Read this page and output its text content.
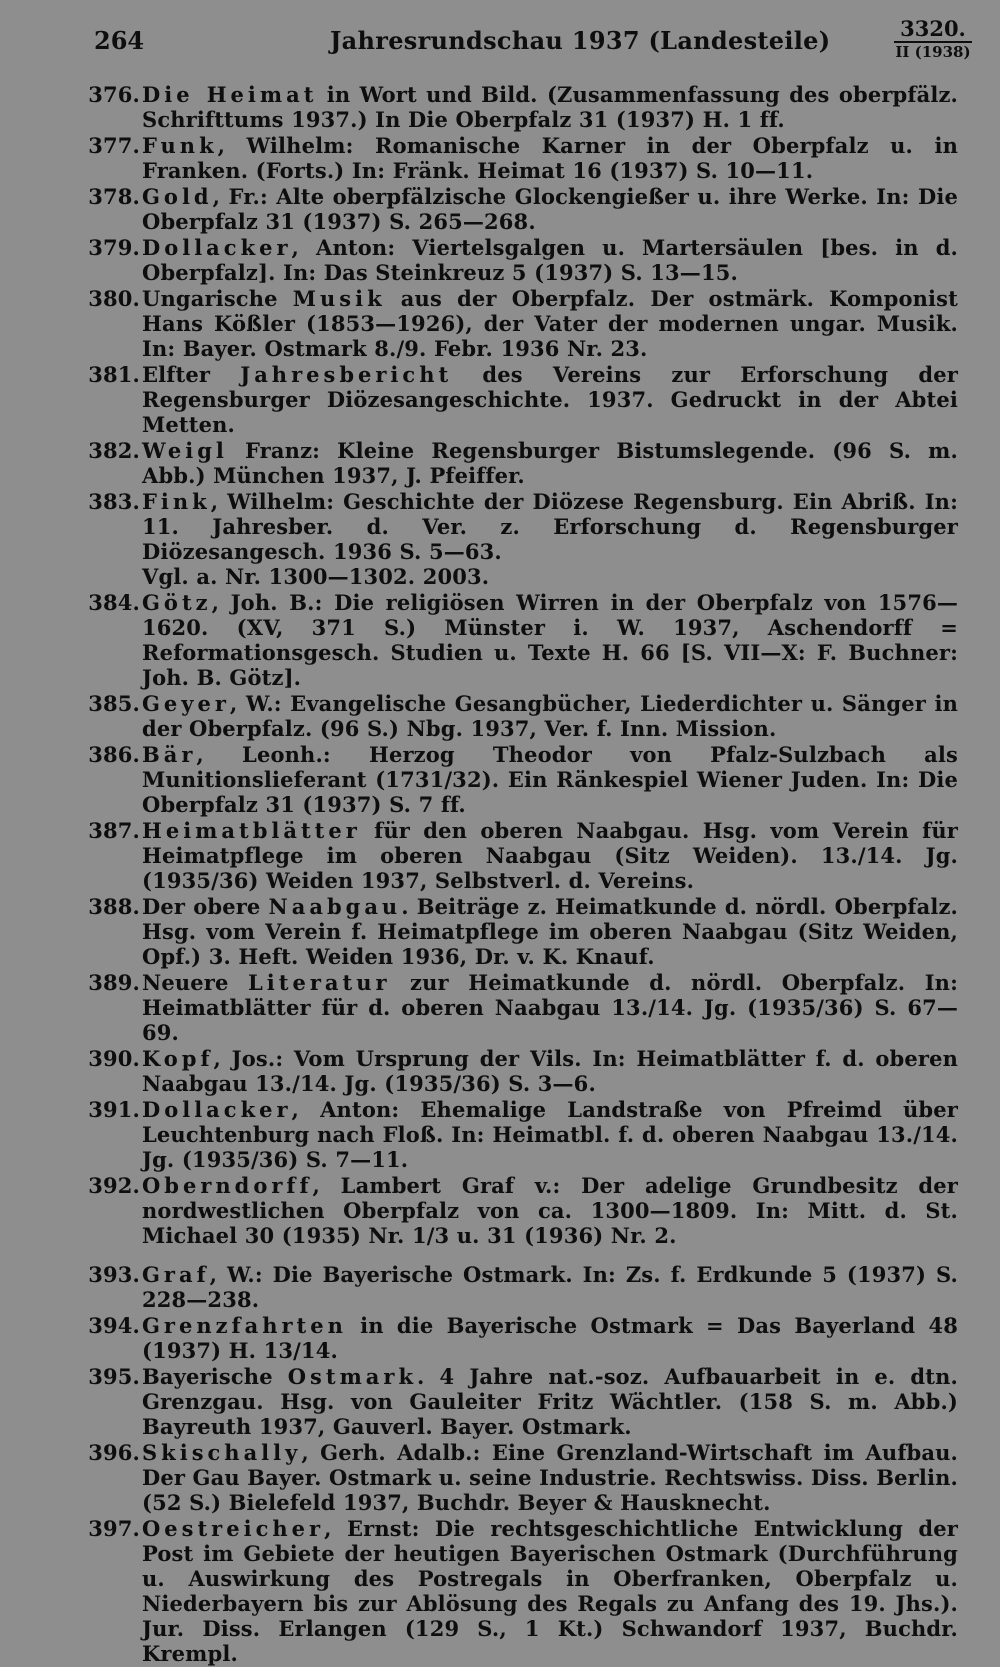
264	Jahresrundschau 1937 (Landesteile)	3320.
II (1938)
376. Die Heimat in Wort und Bild. (Zusammenfassung des oberpfälz. Schrifttums 1937.) In Die Oberpfalz 31 (1937) H. 1 ff.
377. Funk, Wilhelm: Romanische Karner in der Oberpfalz u. in Franken. (Forts.) In: Fränk. Heimat 16 (1937) S. 10—11.
378. Gold, Fr.: Alte oberpfälzische Glockengießer u. ihre Werke. In: Die Oberpfalz 31 (1937) S. 265—268.
379. Dollacker, Anton: Viertelsgalgen u. Martersäulen [bes. in d. Oberpfalz]. In: Das Steinkreuz 5 (1937) S. 13—15.
380. Ungarische Musik aus der Oberpfalz. Der ostmärk. Komponist Hans Kößler (1853—1926), der Vater der modernen ungar. Musik. In: Bayer. Ostmark 8./9. Febr. 1936 Nr. 23.
381. Elfter Jahresbericht des Vereins zur Erforschung der Regensburger Diözesangeschichte. 1937. Gedruckt in der Abtei Metten.
382. Weigl Franz: Kleine Regensburger Bistumslegende. (96 S. m. Abb.) München 1937, J. Pfeiffer.
383. Fink, Wilhelm: Geschichte der Diözese Regensburg. Ein Abriß. In: 11. Jahresber. d. Ver. z. Erforschung d. Regensburger Diözesangesch. 1936 S. 5—63.
Vgl. a. Nr. 1300—1302. 2003.
384. Götz, Joh. B.: Die religiösen Wirren in der Oberpfalz von 1576—1620. (XV, 371 S.) Münster i. W. 1937, Aschendorff = Reformationsgesch. Studien u. Texte H. 66 [S. VII—X: F. Buchner: Joh. B. Götz].
385. Geyer, W.: Evangelische Gesangbücher, Liederdichter u. Sänger in der Oberpfalz. (96 S.) Nbg. 1937, Ver. f. Inn. Mission.
386. Bär, Leonh.: Herzog Theodor von Pfalz-Sulzbach als Munitionslieferant (1731/32). Ein Ränkespiel Wiener Juden. In: Die Oberpfalz 31 (1937) S. 7 ff.
387. Heimatblätter für den oberen Naabgau. Hsg. vom Verein für Heimatpflege im oberen Naabgau (Sitz Weiden). 13./14. Jg. (1935/36) Weiden 1937, Selbstverl. d. Vereins.
388. Der obere Naabgau. Beiträge z. Heimatkunde d. nördl. Oberpfalz. Hsg. vom Verein f. Heimatpflege im oberen Naabgau (Sitz Weiden, Opf.) 3. Heft. Weiden 1936, Dr. v. K. Knauf.
389. Neuere Literatur zur Heimatkunde d. nördl. Oberpfalz. In: Heimatblätter für d. oberen Naabgau 13./14. Jg. (1935/36) S. 67—69.
390. Kopf, Jos.: Vom Ursprung der Vils. In: Heimatblätter f. d. oberen Naabgau 13./14. Jg. (1935/36) S. 3—6.
391. Dollacker, Anton: Ehemalige Landstraße von Pfreimd über Leuchtenburg nach Floß. In: Heimatbl. f. d. oberen Naabgau 13./14. Jg. (1935/36) S. 7—11.
392. Oberndorff, Lambert Graf v.: Der adelige Grundbesitz der nordwestlichen Oberpfalz von ca. 1300—1809. In: Mitt. d. St. Michael 30 (1935) Nr. 1/3 u. 31 (1936) Nr. 2.
393. Graf, W.: Die Bayerische Ostmark. In: Zs. f. Erdkunde 5 (1937) S. 228—238.
394. Grenzfahrten in die Bayerische Ostmark = Das Bayerland 48 (1937) H. 13/14.
395. Bayerische Ostmark. 4 Jahre nat.-soz. Aufbauarbeit in e. dtn. Grenzgau. Hsg. von Gauleiter Fritz Wächtler. (158 S. m. Abb.) Bayreuth 1937, Gauverl. Bayer. Ostmark.
396. Skischally, Gerh. Adalb.: Eine Grenzland-Wirtschaft im Aufbau. Der Gau Bayer. Ostmark u. seine Industrie. Rechtswiss. Diss. Berlin. (52 S.) Bielefeld 1937, Buchdr. Beyer & Hausknecht.
397. Oestreicher, Ernst: Die rechtsgeschichtliche Entwicklung der Post im Gebiete der heutigen Bayerischen Ostmark (Durchführung u. Auswirkung des Postregals in Oberfranken, Oberpfalz u. Niederbayern bis zur Ablösung des Regals zu Anfang des 19. Jhs.). Jur. Diss. Erlangen (129 S., 1 Kt.) Schwandorf 1937, Buchdr. Krempl.
